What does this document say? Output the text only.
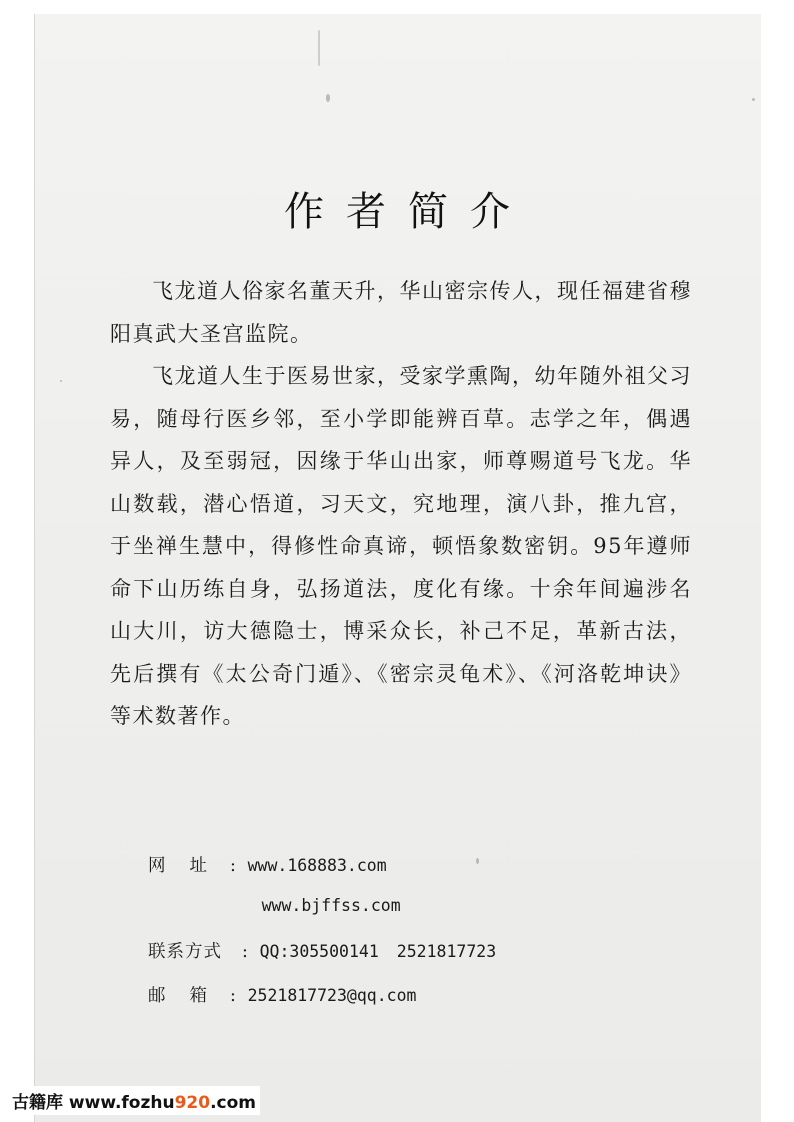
作者简介

飞龙道人俗家名董天升，华山密宗传人，现任福建省穆阳真武大圣宫监院。

飞龙道人生于医易世家，受家学熏陶，幼年随外祖父习易，随母行医乡邻，至小学即能辨百草。志学之年，偶遇异人，及至弱冠，因缘于华山出家，师尊赐道号飞龙。华山数载，潜心悟道，习天文，究地理，演八卦，推九宫，于坐禅生慧中，得修性命真谛，顿悟象数密钥。95年遵师命下山历练自身，弘扬道法，度化有缘。十余年间遍涉名山大川，访大德隐士，博采众长，补己不足，革新古法，先后撰有《太公奇门遁》、《密宗灵龟术》、《河洛乾坤诀》等术数著作。

网址: www.168883.com
www.bjffss.com
联系方式 : QQ:305500141 2521817723
邮箱: 2521817723@qq.com
古籍库 www.fozhu920.com
